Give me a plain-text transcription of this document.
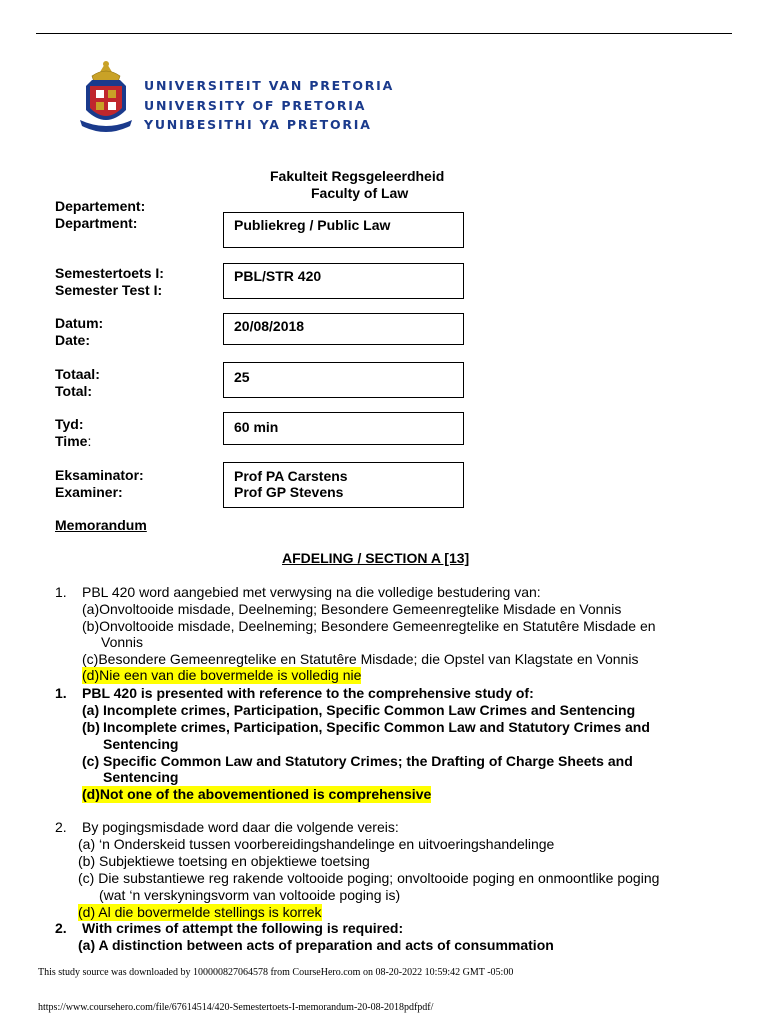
UNIVERSITEIT VAN PRETORIA
UNIVERSITY OF PRETORIA
YUNIBESITHI YA PRETORIA
Fakulteit Regsgeleerdheid
Faculty of Law
Departement:
Department:	Publiekreg / Public Law
Semestertoets I:
Semester Test I:
PBL/STR 420
Datum:
Date:
20/08/2018
Totaal:
Total:
25
Tyd:
Time:
60 min
Eksaminator:
Examiner:
Prof PA Carstens
Prof GP Stevens
Memorandum
AFDELING / SECTION A [13]
1. PBL 420 word aangebied met verwysing na die volledige bestudering van:
(a)Onvoltooide misdade, Deelneming; Besondere Gemeenregtelike Misdade en Vonnis
(b)Onvoltooide misdade, Deelneming; Besondere Gemeenregtelike en Statutêre Misdade en
Vonnis
(c)Besondere Gemeenregtelike en Statutêre Misdade; die Opstel van Klagstate en Vonnis
(d)Nie een van die bovermelde is volledig nie
1. PBL 420 is presented with reference to the comprehensive study of:
(a) Incomplete crimes, Participation, Specific Common Law Crimes and Sentencing
(b) Incomplete crimes, Participation, Specific Common Law and Statutory Crimes and
Sentencing
(c) Specific Common Law and Statutory Crimes; the Drafting of Charge Sheets and
Sentencing
(d)Not one of the abovementioned is comprehensive
2. By pogingsmisdade word daar die volgende vereis:
(a) ‘n Onderskeid tussen voorbereidingshandelinge en uitvoeringshandelinge
(b) Subjektiewe toetsing en objektiewe toetsing
(c) Die substantiewe reg rakende voltooide poging; onvoltooide poging en onmoontlike poging
(wat ‘n verskyningsvorm van voltooide poging is)
(d) Al die bovermelde stellings is korrek
2. With crimes of attempt the following is required:
(a) A distinction between acts of preparation and acts of consummation
This study source was downloaded by 100000827064578 from CourseHero.com on 08-20-2022 10:59:42 GMT -05:00
https://www.coursehero.com/file/67614514/420-Semestertoets-I-memorandum-20-08-2018pdfpdf/
